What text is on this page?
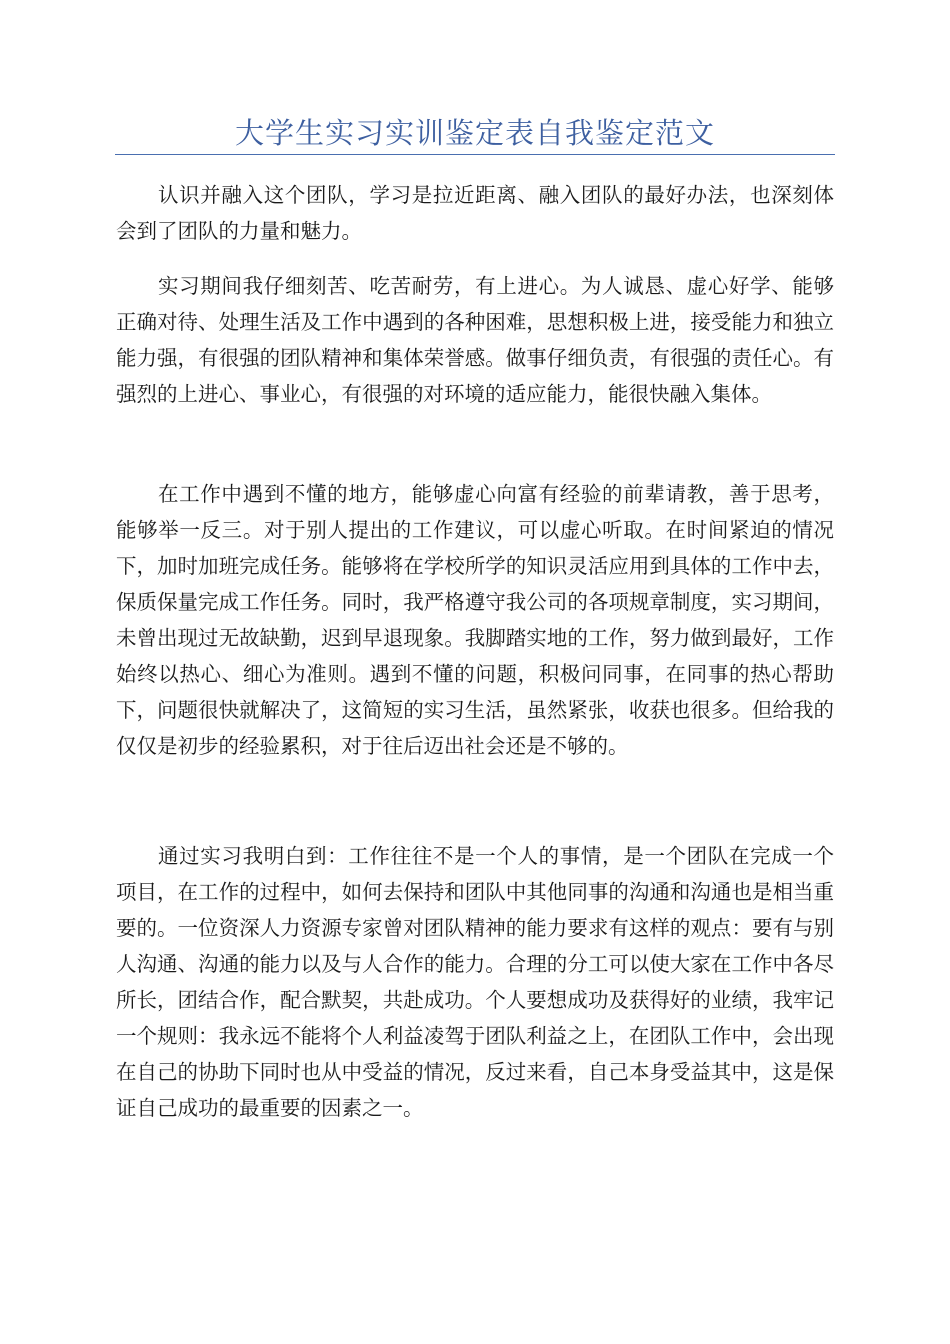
大学生实习实训鉴定表自我鉴定范文

认识并融入这个团队，学习是拉近距离、融入团队的最好办法，也深刻体会到了团队的力量和魅力。

实习期间我仔细刻苦、吃苦耐劳，有上进心。为人诚恳、虚心好学、能够正确对待、处理生活及工作中遇到的各种困难，思想积极上进，接受能力和独立能力强，有很强的团队精神和集体荣誉感。做事仔细负责，有很强的责任心。有强烈的上进心、事业心，有很强的对环境的适应能力，能很快融入集体。

在工作中遇到不懂的地方，能够虚心向富有经验的前辈请教，善于思考，能够举一反三。对于别人提出的工作建议，可以虚心听取。在时间紧迫的情况下，加时加班完成任务。能够将在学校所学的知识灵活应用到具体的工作中去，保质保量完成工作任务。同时，我严格遵守我公司的各项规章制度，实习期间，未曾出现过无故缺勤，迟到早退现象。我脚踏实地的工作，努力做到最好，工作始终以热心、细心为准则。遇到不懂的问题，积极问同事，在同事的热心帮助下，问题很快就解决了，这简短的实习生活，虽然紧张，收获也很多。但给我的仅仅是初步的经验累积，对于往后迈出社会还是不够的。

通过实习我明白到：工作往往不是一个人的事情，是一个团队在完成一个项目，在工作的过程中，如何去保持和团队中其他同事的沟通和沟通也是相当重要的。一位资深人力资源专家曾对团队精神的能力要求有这样的观点：要有与别人沟通、沟通的能力以及与人合作的能力。合理的分工可以使大家在工作中各尽所长，团结合作，配合默契，共赴成功。个人要想成功及获得好的业绩，我牢记一个规则：我永远不能将个人利益凌驾于团队利益之上，在团队工作中，会出现在自己的协助下同时也从中受益的情况，反过来看，自己本身受益其中，这是保证自己成功的最重要的因素之一。
